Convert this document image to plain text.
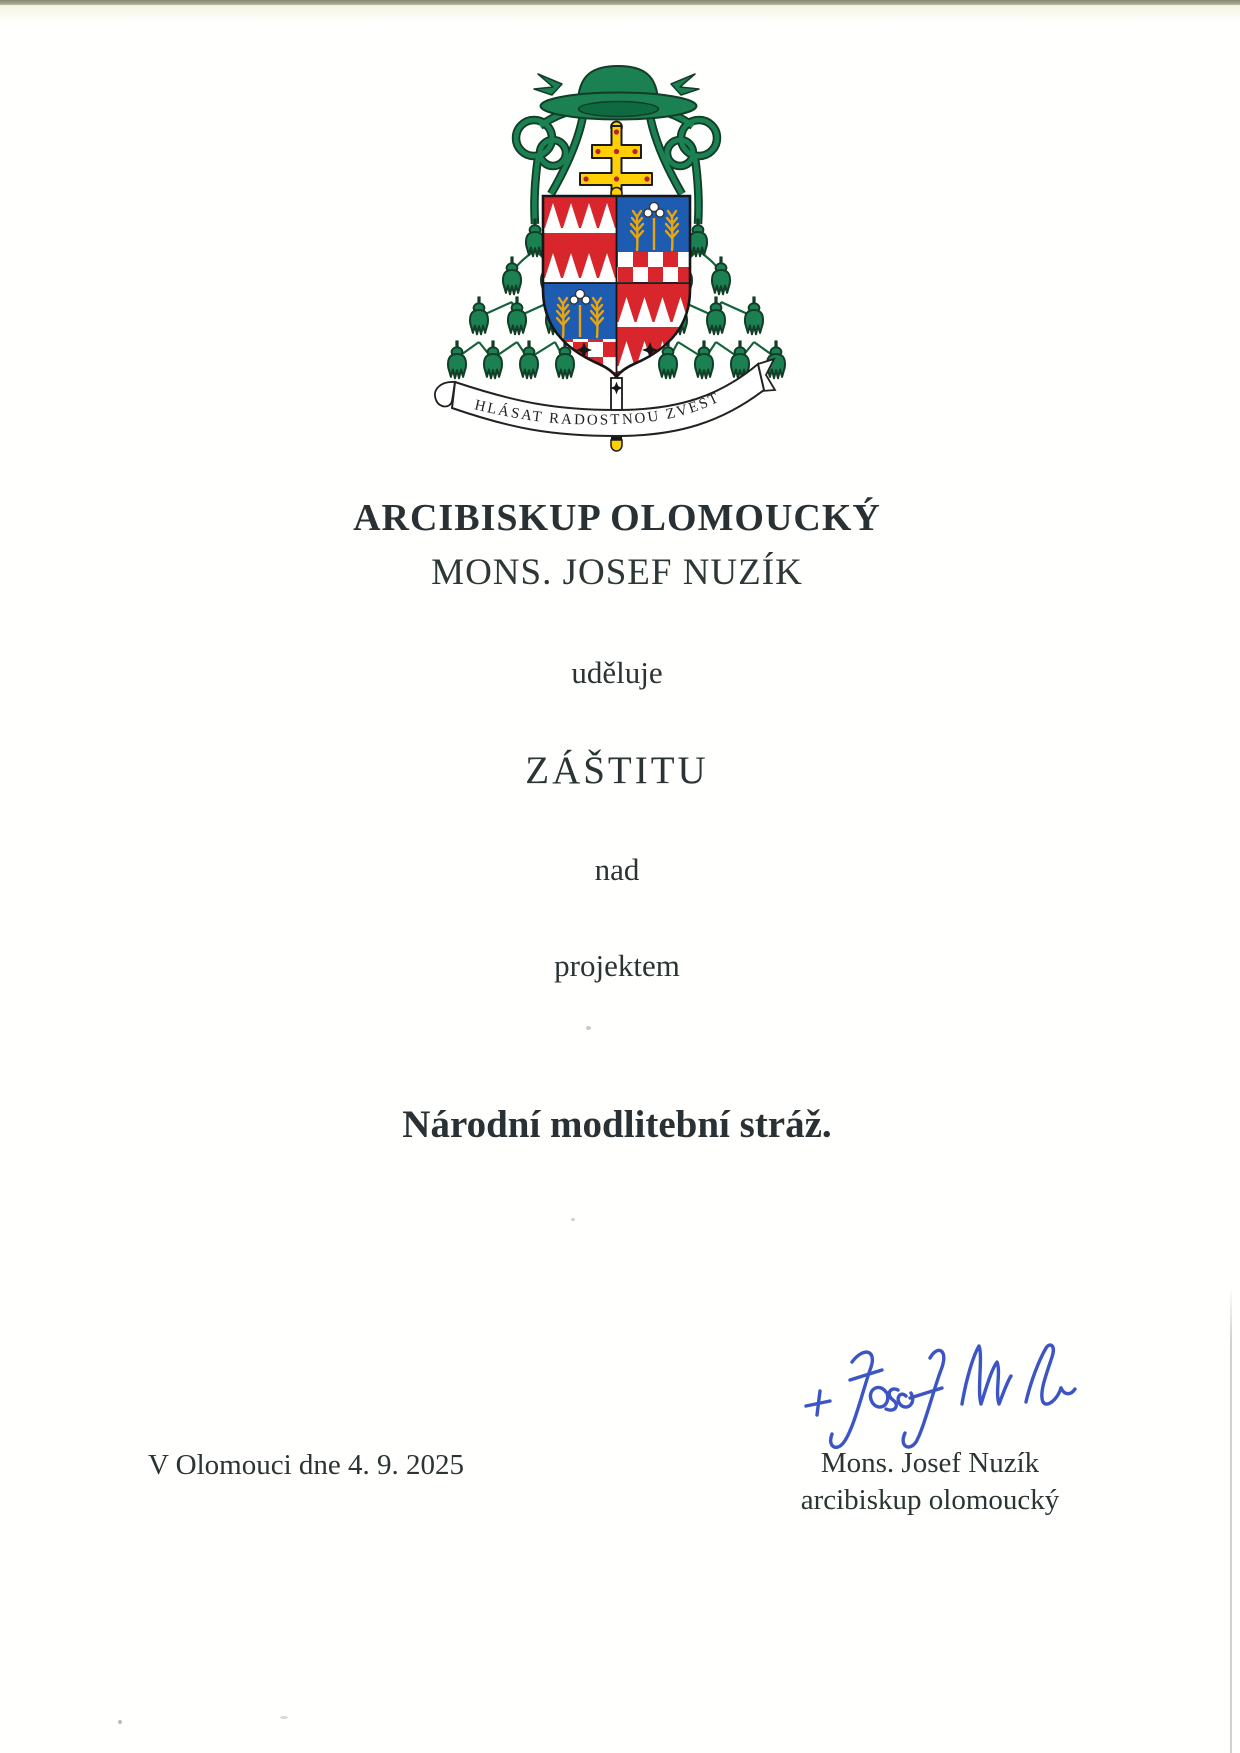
HLÁSAT RADOSTNOU ZVĚST
ARCIBISKUP OLOMOUCKÝ
MONS. JOSEF NUZÍK
uděluje
ZÁŠTITU
nad
projektem
Národní modlitební stráž.
V Olomouci dne 4. 9. 2025	Mons. Josef Nuzík
arcibiskup olomoucký
